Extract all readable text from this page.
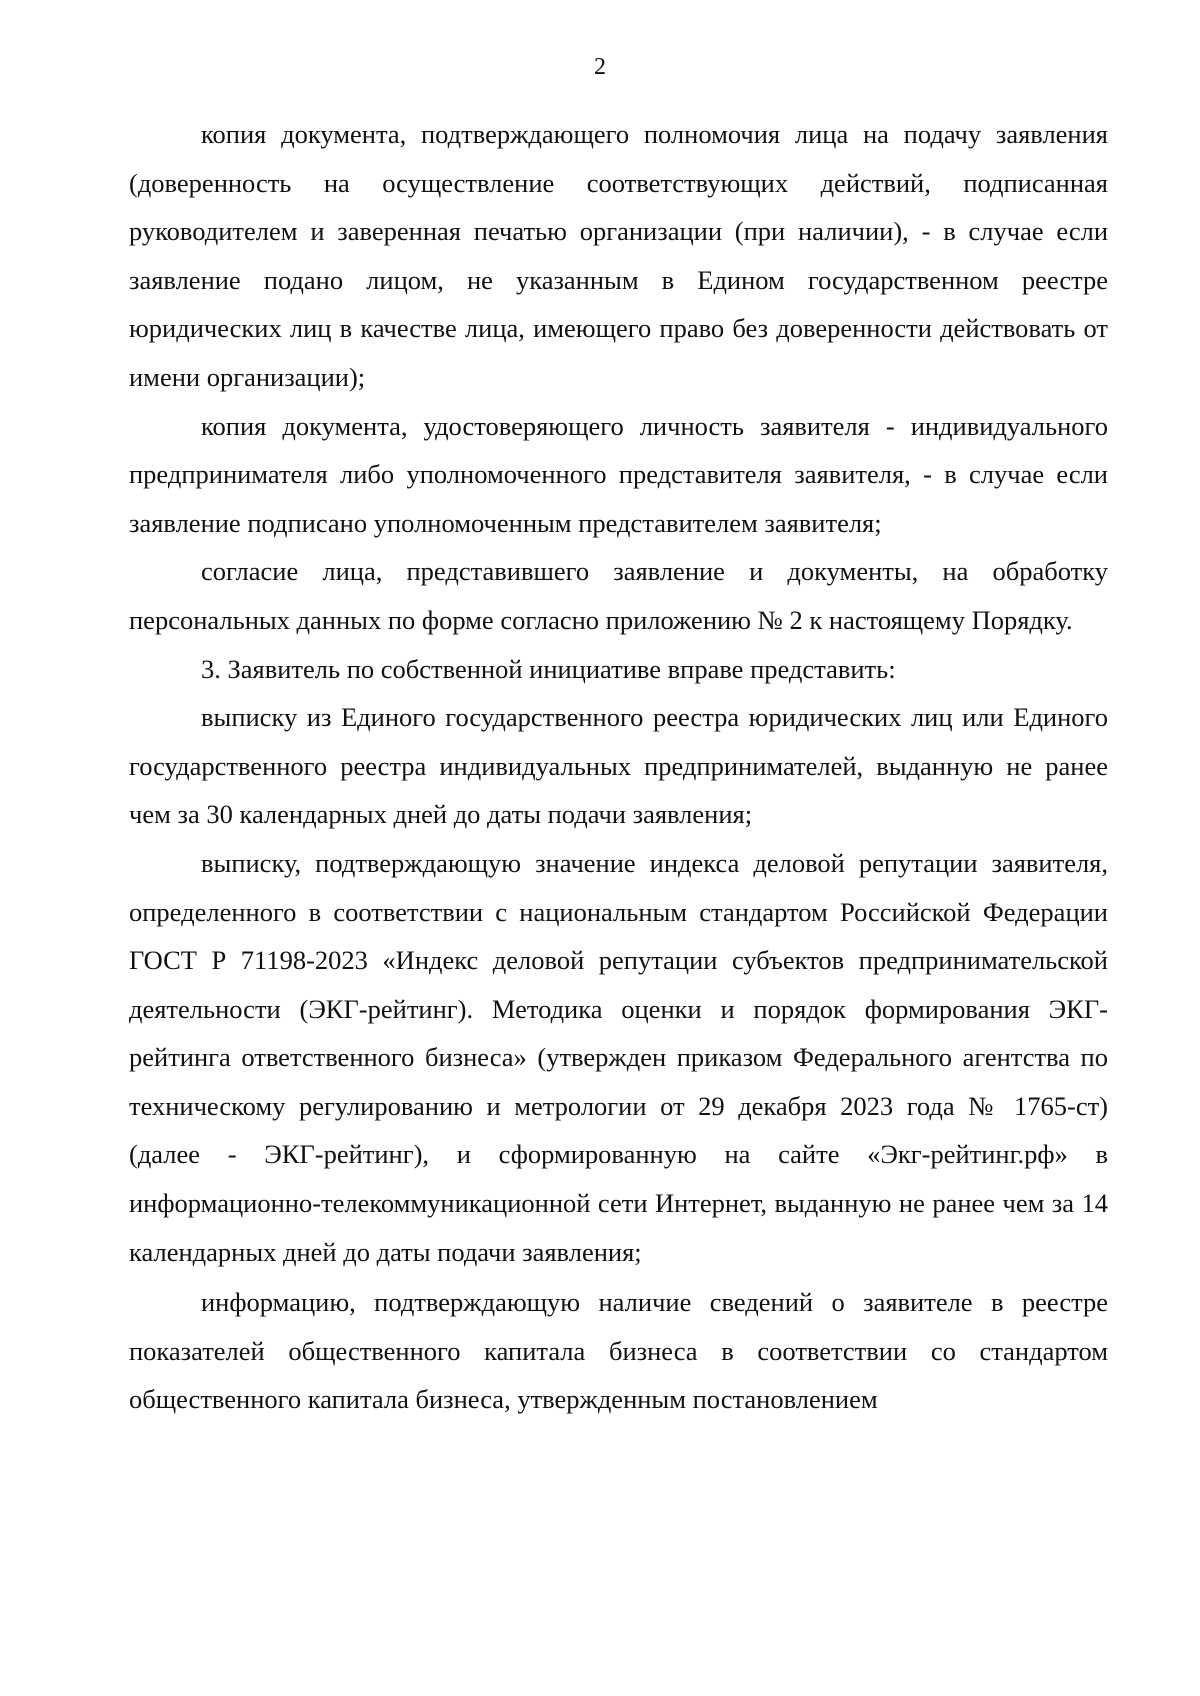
2

копия документа, подтверждающего полномочия лица на подачу заявления (доверенность на осуществление соответствующих действий, подписанная руководителем и заверенная печатью организации (при наличии), - в случае если заявление подано лицом, не указанным в Едином государственном реестре юридических лиц в качестве лица, имеющего право без доверенности действовать от имени организации);

копия документа, удостоверяющего личность заявителя - индивидуального предпринимателя либо уполномоченного представителя заявителя, - в случае если заявление подписано уполномоченным представителем заявителя;

согласие лица, представившего заявление и документы, на обработку персональных данных по форме согласно приложению № 2 к настоящему Порядку.

3. Заявитель по собственной инициативе вправе представить:

выписку из Единого государственного реестра юридических лиц или Единого государственного реестра индивидуальных предпринимателей, выданную не ранее чем за 30 календарных дней до даты подачи заявления;

выписку, подтверждающую значение индекса деловой репутации заявителя, определенного в соответствии с национальным стандартом Российской Федерации ГОСТ Р 71198-2023 «Индекс деловой репутации субъектов предпринимательской деятельности (ЭКГ-рейтинг). Методика оценки и порядок формирования ЭКГ-рейтинга ответственного бизнеса» (утвержден приказом Федерального агентства по техническому регулированию и метрологии от 29 декабря 2023 года № 1765-ст) (далее - ЭКГ-рейтинг), и сформированную на сайте «Экг-рейтинг.рф» в информационно-телекоммуникационной сети Интернет, выданную не ранее чем за 14 календарных дней до даты подачи заявления;

информацию, подтверждающую наличие сведений о заявителе в реестре показателей общественного капитала бизнеса в соответствии со стандартом общественного капитала бизнеса, утвержденным постановлением
